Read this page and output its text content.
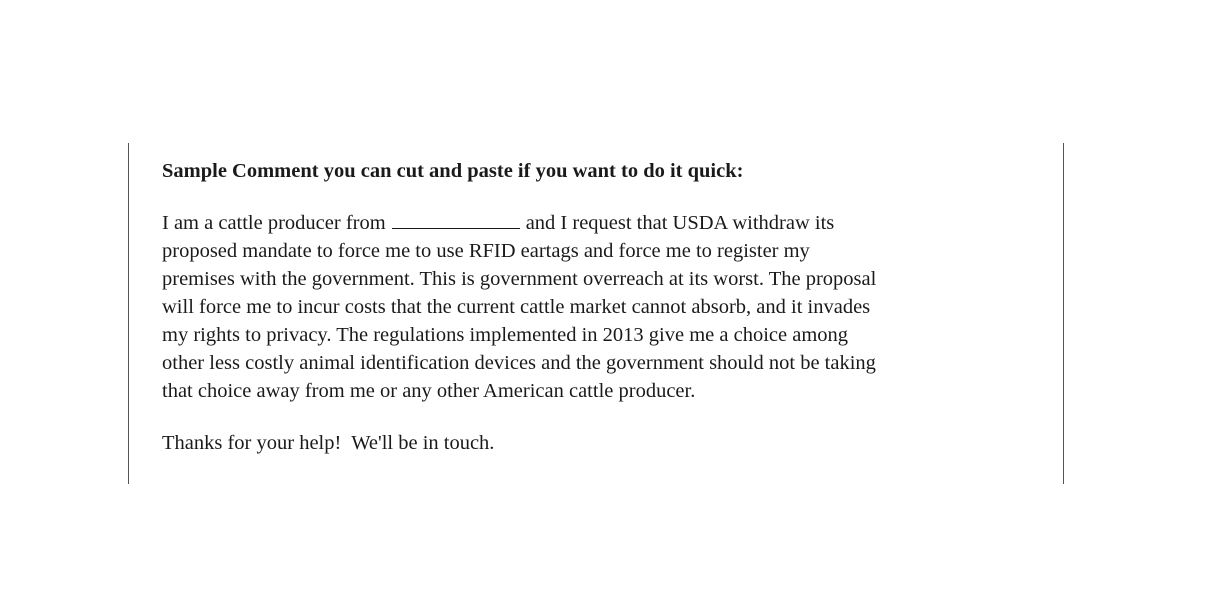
Sample Comment you can cut and paste if you want to do it quick:

I am a cattle producer from	and I request that USDA withdraw its
proposed mandate to force me to use RFID eartags and force me to register my
premises with the government. This is government overreach at its worst. The proposal
will force me to incur costs that the current cattle market cannot absorb, and it invades
my rights to privacy. The regulations implemented in 2013 give me a choice among
other less costly animal identification devices and the government should not be taking
that choice away from me or any other American cattle producer.

Thanks for your help!  We'll be in touch.
